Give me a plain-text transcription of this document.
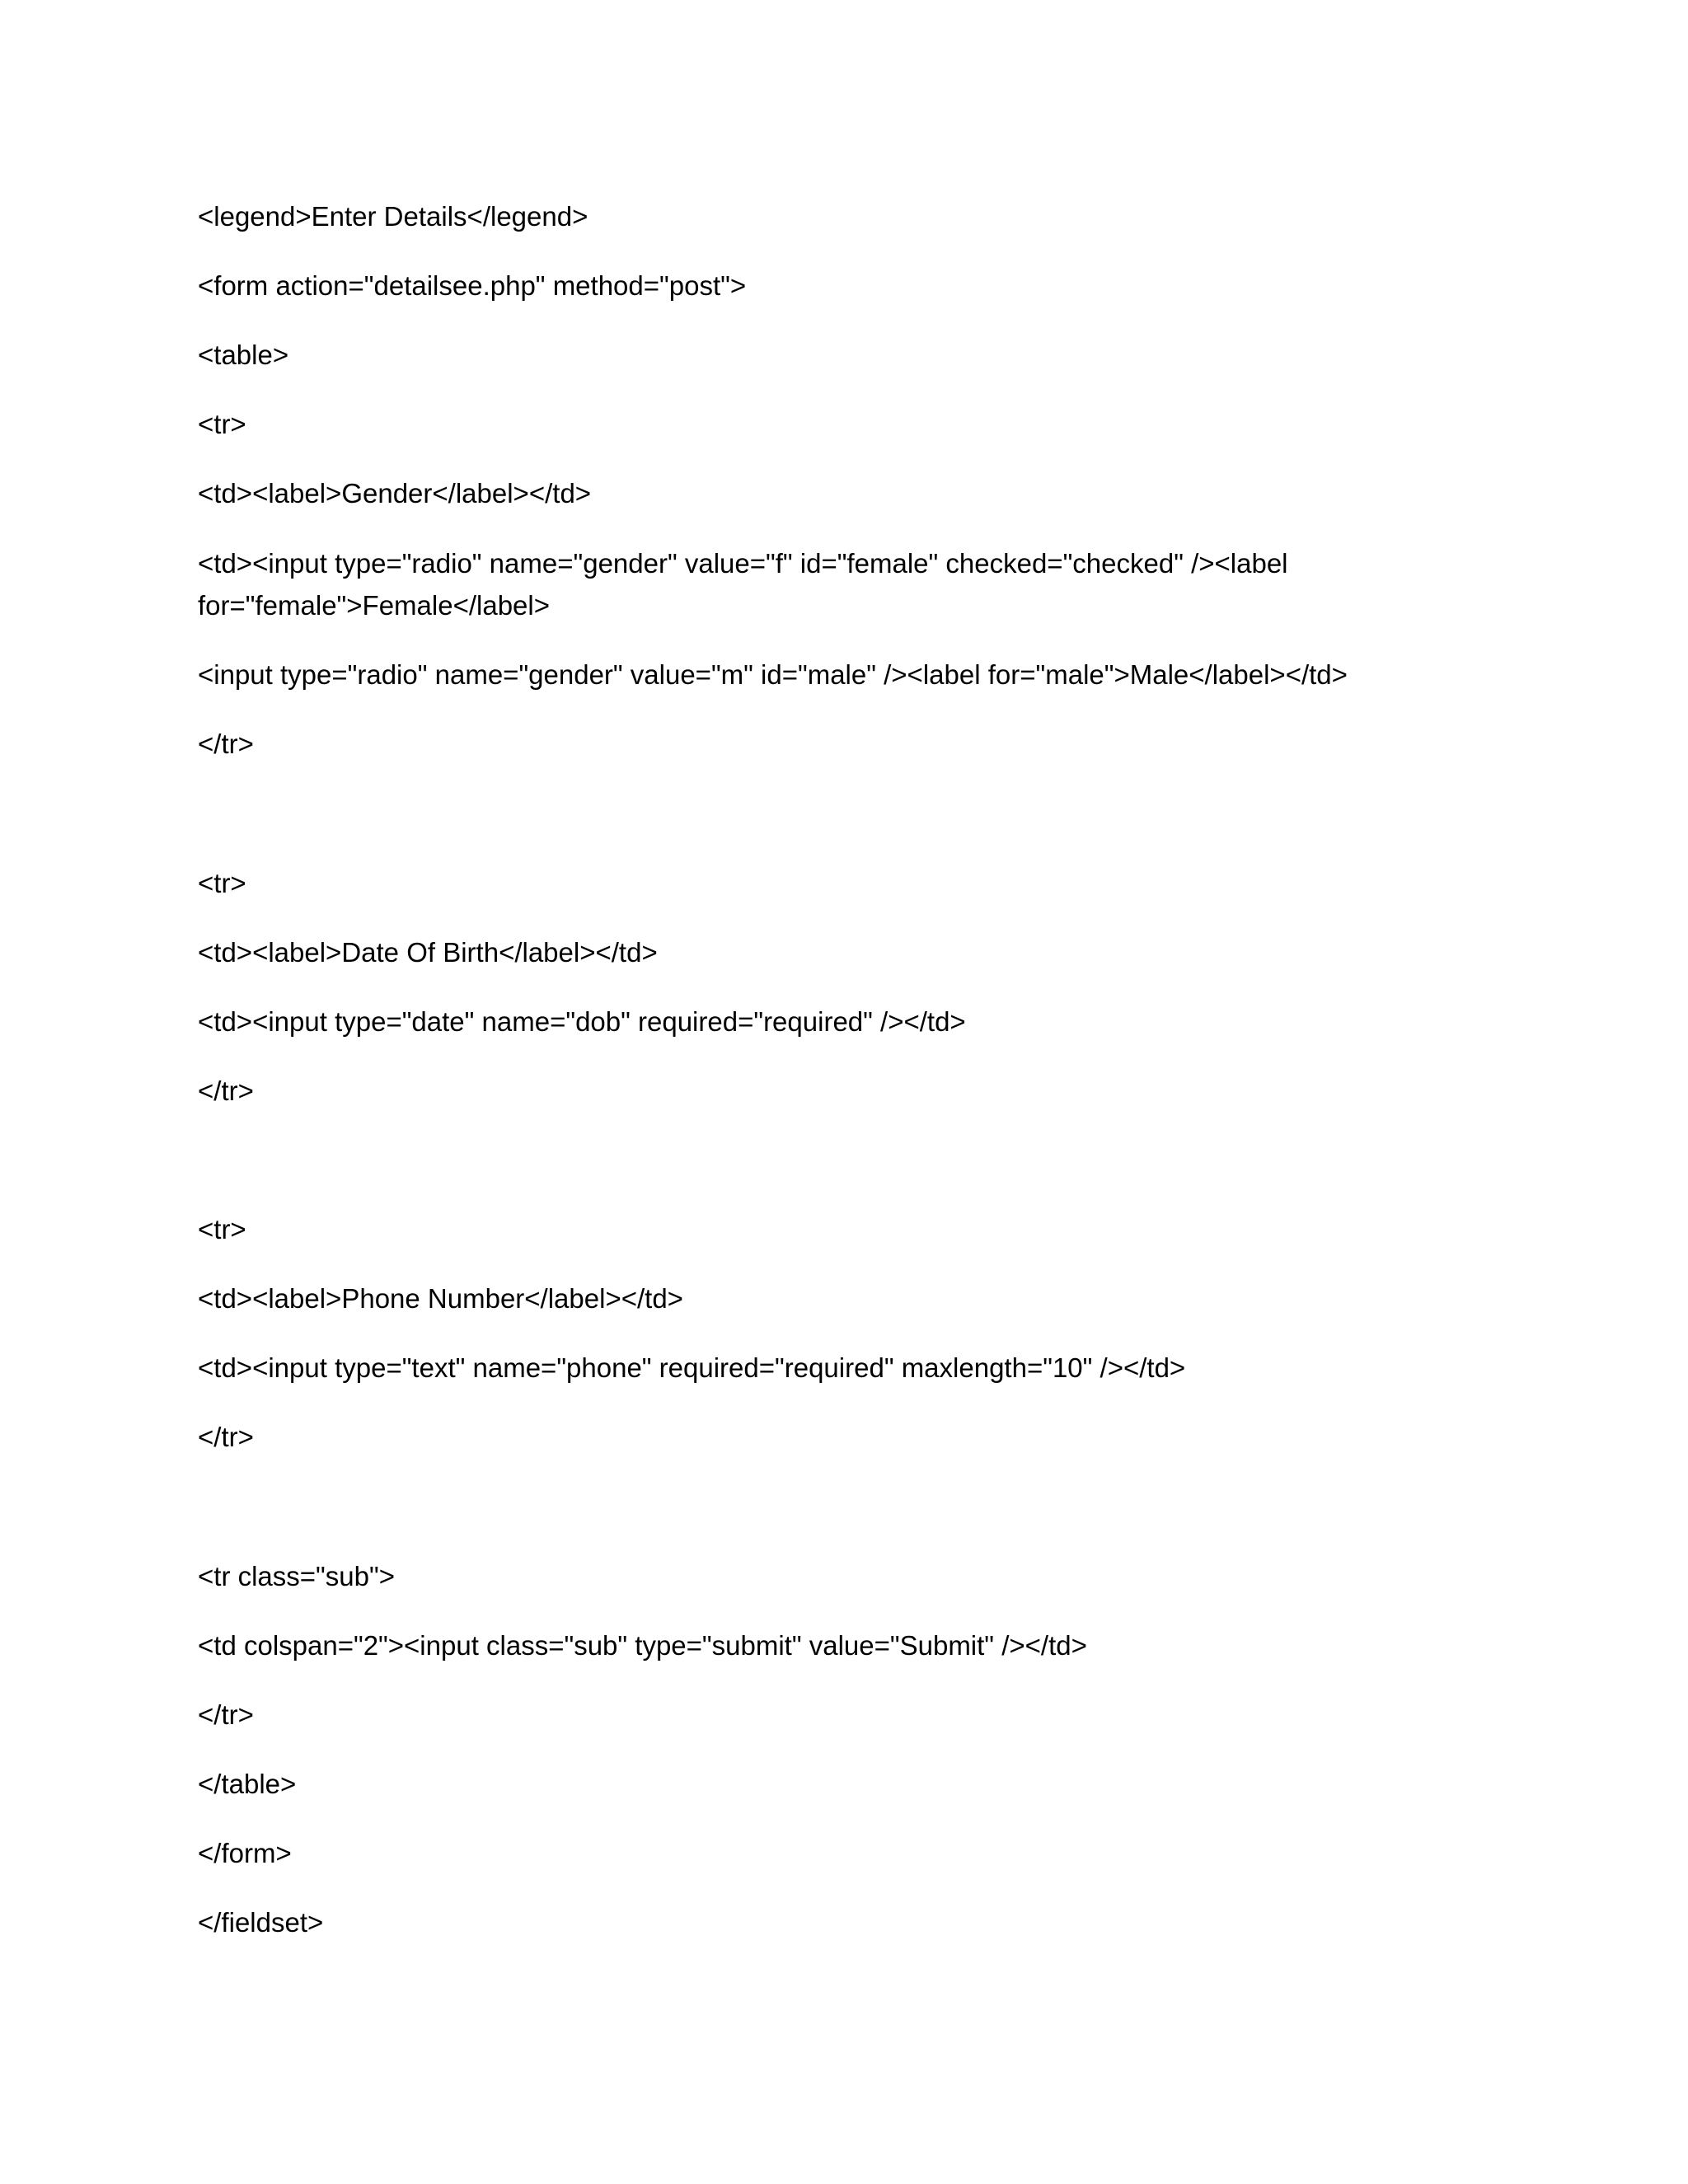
<legend>Enter Details</legend>
<form action="detailsee.php" method="post">
<table>
<tr>
<td><label>Gender</label></td>
<td><input type="radio" name="gender" value="f" id="female" checked="checked" /><label
for="female">Female</label>
<input type="radio" name="gender" value="m" id="male" /><label for="male">Male</label></td>
</tr>
<tr>
<td><label>Date Of Birth</label></td>
<td><input type="date" name="dob" required="required" /></td>
</tr>
<tr>
<td><label>Phone Number</label></td>
<td><input type="text" name="phone" required="required" maxlength="10" /></td>
</tr>
<tr class="sub">
<td colspan="2"><input class="sub" type="submit" value="Submit" /></td>
</tr>
</table>
</form>
</fieldset>
